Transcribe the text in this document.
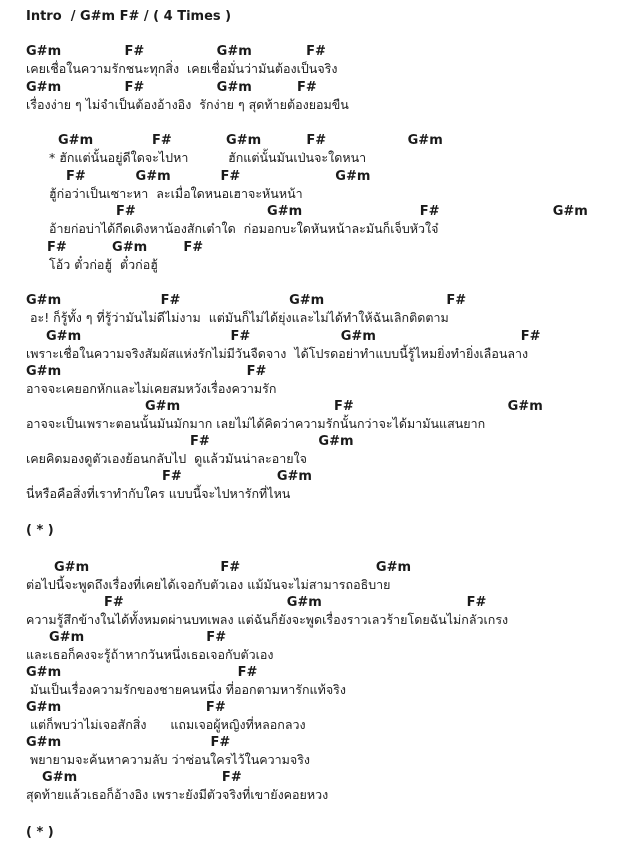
Intro  / G#m F# / ( 4 Times )
G#m              F#                G#m            F#
เคยเชื่อในความรักชนะทุกสิ่ง  เคยเชื่อมั่นว่ามันต้องเป็นจริง
G#m              F#                G#m          F#
เรื่องง่าย ๆ ไม่จำเป็นต้องอ้างอิง  รักง่าย ๆ สุดท้ายต้องยอมขืน
G#m             F#            G#m          F#                  G#m
* ฮักแต่นั้นอยู่ดีใดจะไปหา          ฮักแต่นั้นมันเป่นจะใดหนา
F#           G#m           F#                     G#m
ฮู้ก่อว่าเป็นเซาะหา  ละเมื่อใดหนอเฮาจะหันหน้า
F#                             G#m                          F#                         G#m
อ้ายก่อบ่าได้กีดเดิงหาน้องสักเต๋าใด  ก่อมอกบะใดหันหน้าละมันก็เจ็บหัวใจ๋
F#          G#m        F#
โอ้ว ตั๋วก่อฮู้  ตั๋วก่อฮู้
G#m                      F#                        G#m                           F#
อะ! ก็รู้ทั้ง ๆ ที่รู้ว่ามันไม่ดีไม่งาม  แต่มันก็ไม่ได้ยุ่งและไม่ได้ทำให้ฉันเลิกติดตาม
G#m                                 F#                    G#m                                F#
เพราะเชื่อในความจริงสัมผัสแห่งรักไม่มีวันจืดจาง  ได้โปรดอย่าทำแบบนี้รู้ไหมยิ่งทำยิ่งเลือนลาง
G#m                                         F#
อาจจะเคยอกหักและไม่เคยสมหวังเรื่องความรัก
G#m                                  F#                                  G#m
อาจจะเป็นเพราะตอนนั้นมันมักมาก เลยไม่ได้คิดว่าความรักนั้นกว่าจะได้มามันแสนยาก
F#                        G#m
เคยคิดมองดูตัวเองย้อนกลับไป  ดูแล้วมันน่าละอายใจ
F#                     G#m
นี่หรือคือสิ่งที่เราทำกับใคร แบบนี้จะไปหารักที่ไหน
( * )
G#m                             F#                              G#m
ต่อไปนี้จะพูดถึงเรื่องที่เคยได้เจอกับตัวเอง แม้มันจะไม่สามารถอธิบาย
F#                                    G#m                                F#
ความรู้สึกข้างในได้ทั้งหมดผ่านบทเพลง แต่ฉันก็ยังจะพูดเรื่องราวเลวร้ายโดยฉันไม่กลัวเกรง
G#m                           F#
และเธอก็คงจะรู้ถ้าหากวันหนึ่งเธอเจอกับตัวเอง
G#m                                       F#
มันเป็นเรื่องความรักของชายคนหนึ่ง ที่ออกตามหารักแท้จริง
G#m                                F#
แต่ก็พบว่าไม่เจอสักสิ่ง      แถมเจอผู้หญิงที่หลอกลวง
G#m                                 F#
พยายามจะค้นหาความลับ ว่าซ่อนใครไว้ในความจริง
G#m                                F#
สุดท้ายแล้วเธอก็อ้างอิง เพราะยังมีตัวจริงที่เขายังคอยหวง
( * )
